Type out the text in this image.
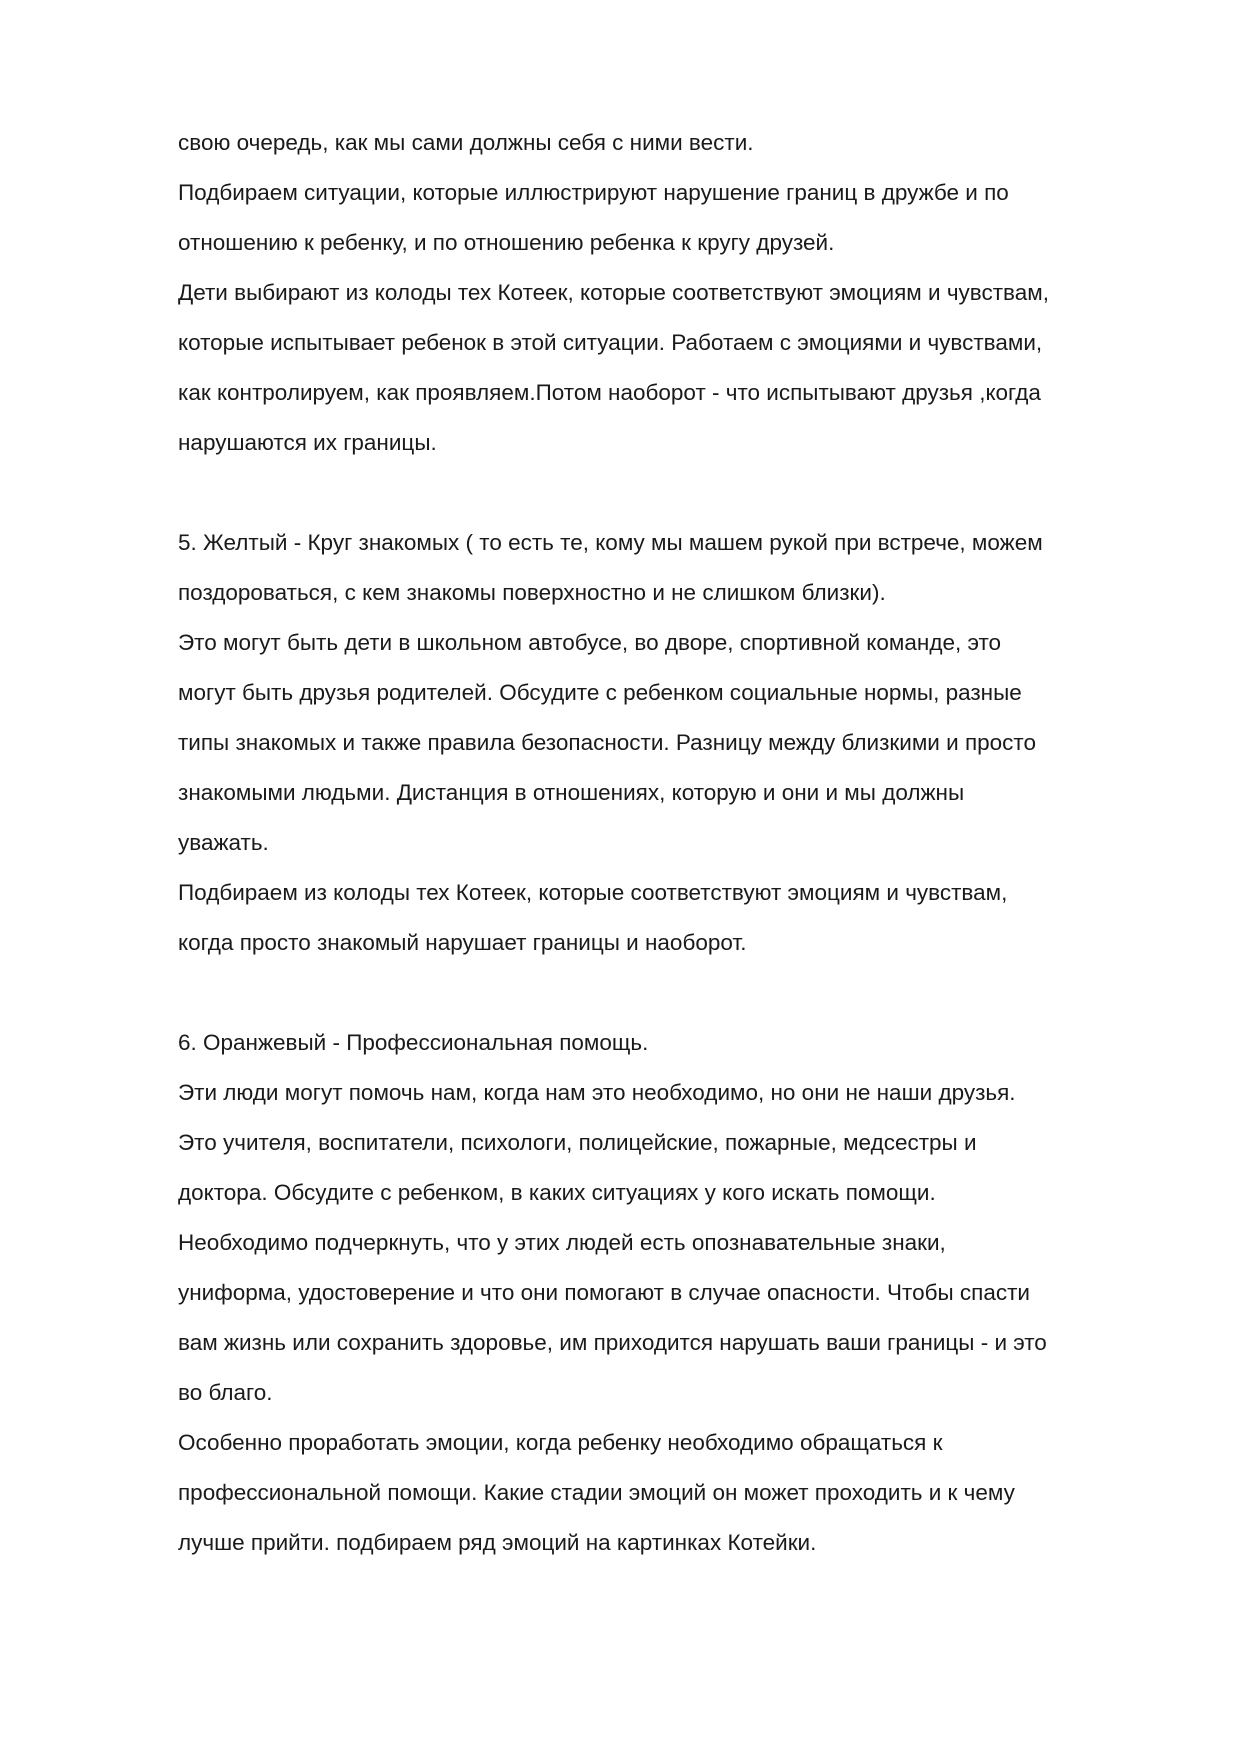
свою очередь, как мы сами должны себя с ними вести.
Подбираем ситуации, которые иллюстрируют нарушение границ в дружбе и по
отношению к ребенку, и по отношению ребенка к кругу друзей.
Дети выбирают из колоды тех Котеек, которые соответствуют эмоциям и чувствам,
которые испытывает ребенок в этой ситуации. Работаем с эмоциями и чувствами,
как контролируем, как проявляем.Потом наоборот - что испытывают друзья ,когда
нарушаются их границы.
5. Желтый - Круг знакомых ( то есть те, кому мы машем рукой при встрече, можем
поздороваться, с кем знакомы поверхностно и не слишком близки).
Это могут быть дети в школьном автобусе, во дворе, спортивной команде, это
могут быть друзья родителей. Обсудите с ребенком социальные нормы, разные
типы знакомых и также правила безопасности. Разницу между близкими и просто
знакомыми людьми. Дистанция в отношениях, которую и они и мы должны
уважать.
Подбираем из колоды тех Котеек, которые соответствуют эмоциям и чувствам,
когда просто знакомый нарушает границы и наоборот.
6. Оранжевый - Профессиональная помощь.
Эти люди могут помочь нам, когда нам это необходимо, но они не наши друзья.
Это учителя, воспитатели, психологи, полицейские, пожарные, медсестры и
доктора. Обсудите с ребенком, в каких ситуациях у кого искать помощи.
Необходимо подчеркнуть, что у этих людей есть опознавательные знаки,
униформа, удостоверение и что они помогают в случае опасности. Чтобы спасти
вам жизнь или сохранить здоровье, им приходится нарушать ваши границы - и это
во благо.
Особенно проработать эмоции, когда ребенку необходимо обращаться к
профессиональной помощи. Какие стадии эмоций он может проходить и к чему
лучше прийти. подбираем ряд эмоций на картинках Котейки.
